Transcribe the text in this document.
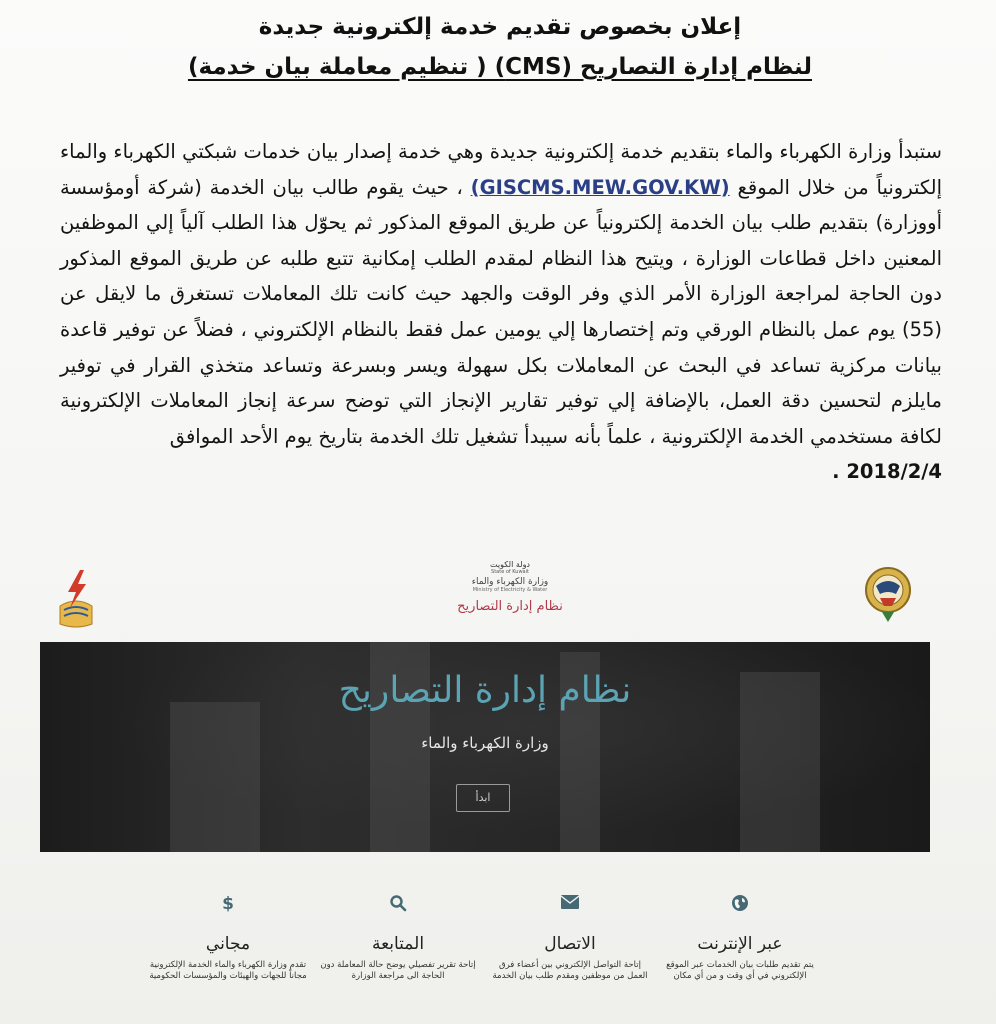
إعلان بخصوص تقديم خدمة إلكترونية جديدة
لنظام إدارة التصاريح (CMS) ( تنظيم معاملة بيان خدمة)
ستبدأ وزارة الكهرباء والماء بتقديم خدمة إلكترونية جديدة وهي خدمة إصدار بيان خدمات شبكتي الكهرباء والماء إلكترونياً من خلال الموقع (GISCMS.MEW.GOV.KW) ، حيث يقوم طالب بيان الخدمة (شركة أومؤسسة أووزارة) بتقديم طلب بيان الخدمة إلكترونياً عن طريق الموقع المذكور ثم يحوّل هذا الطلب آلياً إلي الموظفين المعنين داخل قطاعات الوزارة ، ويتيح هذا النظام لمقدم الطلب إمكانية تتبع طلبه عن طريق الموقع المذكور دون الحاجة لمراجعة الوزارة الأمر الذي وفر الوقت والجهد حيث كانت تلك المعاملات تستغرق ما لايقل عن (55) يوم عمل بالنظام الورقي وتم إختصارها إلي يومين عمل فقط بالنظام الإلكتروني ، فضلاً عن توفير قاعدة بيانات مركزية تساعد في البحث عن المعاملات بكل سهولة ويسر وبسرعة وتساعد متخذي القرار في توفير مايلزم لتحسين دقة العمل، بالإضافة إلي توفير تقارير الإنجاز التي توضح سرعة إنجاز المعاملات الإلكترونية لكافة مستخدمي الخدمة الإلكترونية ، علماً بأنه سيبدأ تشغيل تلك الخدمة بتاريخ يوم الأحد الموافق
2018/2/4 .
دولة الكويت
State of Kuwait
وزارة الكهرباء والماء
Ministry of Electricity & Water
نظام إدارة التصاريح
نظام إدارة التصاريح
وزارة الكهرباء والماء
ابدأ
$
مجاني
تقدم وزارة الكهرباء والماء الخدمة الإلكترونية مجاناً للجهات والهيئات والمؤسسات الحكومية
المتابعة
إتاحة تقرير تفصيلي يوضح حالة المعاملة دون الحاجة الى مراجعة الوزارة
الاتصال
إتاحة التواصل الإلكتروني بين أعضاء فرق العمل من موظفين ومقدم طلب بيان الخدمة
عبر الإنترنت
يتم تقديم طلبات بيان الخدمات عبر الموقع الإلكتروني في أي وقت و من أي مكان
